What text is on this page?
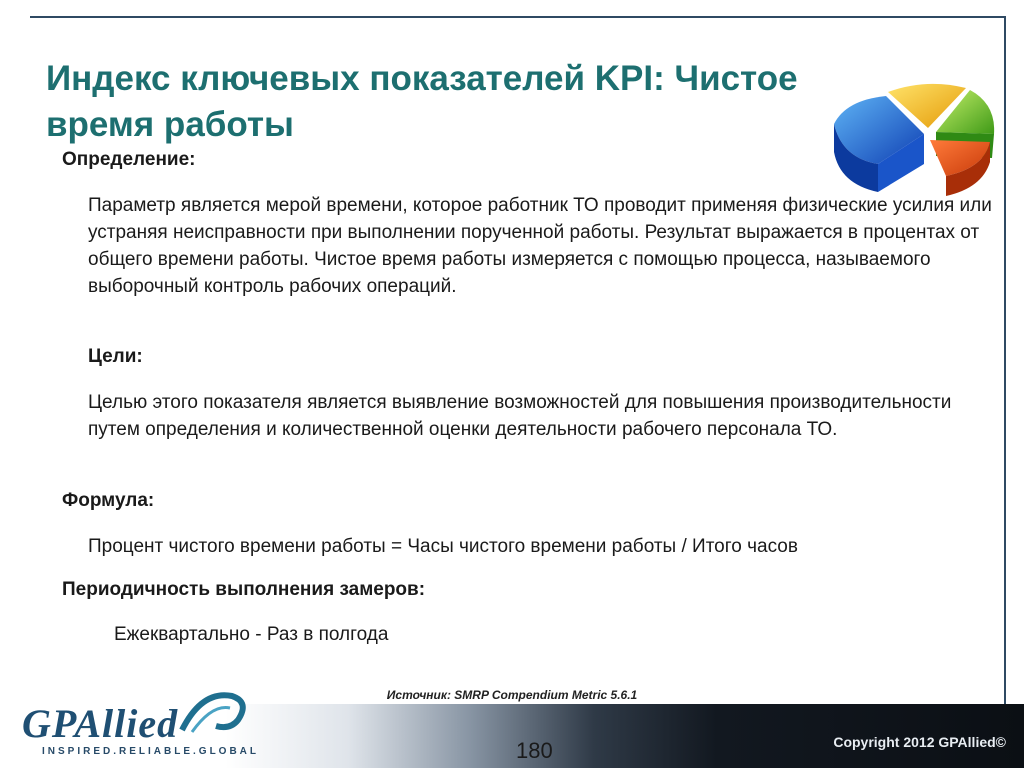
Индекс ключевых показателей KPI: Чистое время работы
Определение:
Параметр является мерой времени, которое работник ТО проводит применяя физические усилия или устраняя неисправности при выполнении порученной работы. Результат выражается в процентах от общего времени работы. Чистое время работы измеряется с помощью процесса, называемого выборочный контроль рабочих операций.
Цели:
Целью этого показателя является выявление возможностей для повышения производительности путем определения и количественной оценки деятельности рабочего персонала ТО.
Формула:
Процент чистого времени работы = Часы чистого времени работы / Итого часов
Периодичность выполнения замеров:
Ежеквартально - Раз в полгода
Источник: SMRP Compendium Metric 5.6.1
GPAllied
INSPIRED.RELIABLE.GLOBAL	180	Copyright 2012 GPAllied©
